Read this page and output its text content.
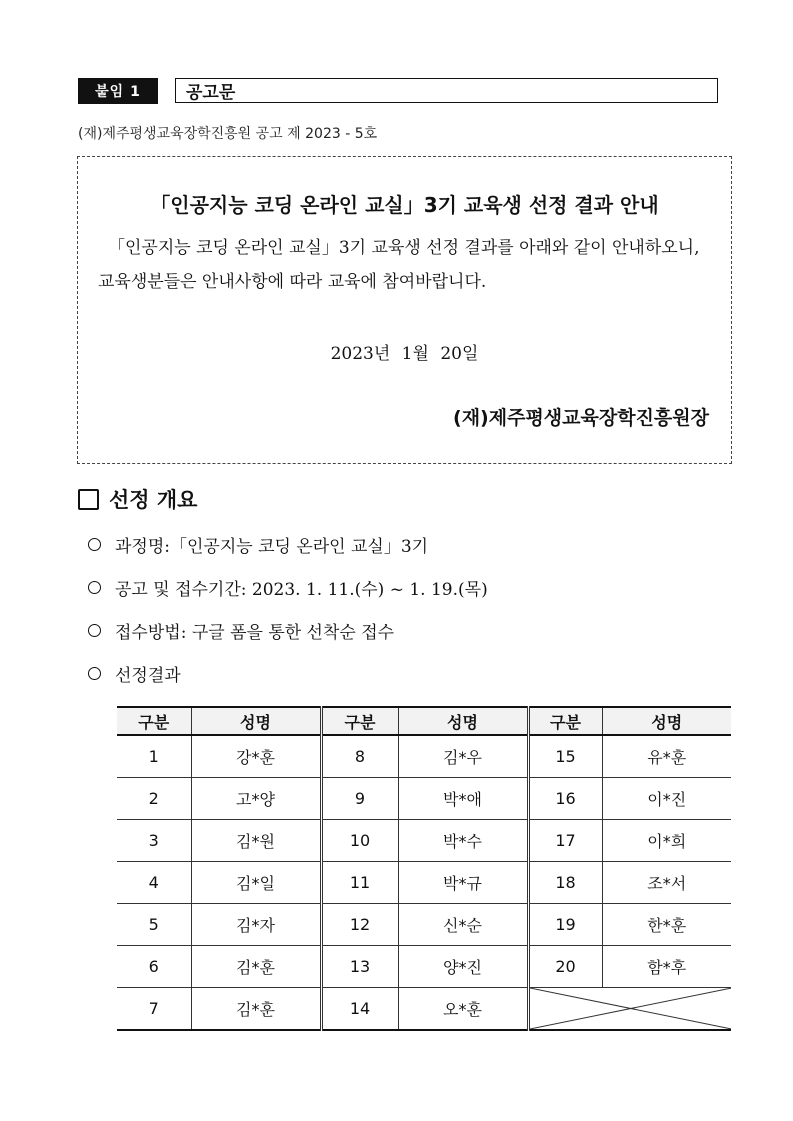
붙임 1	공고문
(재)제주평생교육장학진흥원 공고 제 2023 - 5호
「인공지능 코딩 온라인 교실」3기 교육생 선정 결과 안내
「인공지능 코딩 온라인 교실」3기 교육생 선정 결과를 아래와 같이 안내하오니, 교육생분들은 안내사항에 따라 교육에 참여바랍니다.
2023년 1월 20일
(재)제주평생교육장학진흥원장
선정 개요
과정명:「인공지능 코딩 온라인 교실」3기
공고 및 접수기간: 2023. 1. 11.(수) ~ 1. 19.(목)
접수방법: 구글 폼을 통한 선착순 접수
선정결과
구분	성명	구분	성명	구분	성명
1	강*훈	8	김*우	15	유*훈
2	고*양	9	박*애	16	이*진
3	김*원	10	박*수	17	이*희
4	김*일	11	박*규	18	조*서
5	김*자	12	신*순	19	한*훈
6	김*훈	13	양*진	20	함*후
7	김*훈	14	오*훈	
